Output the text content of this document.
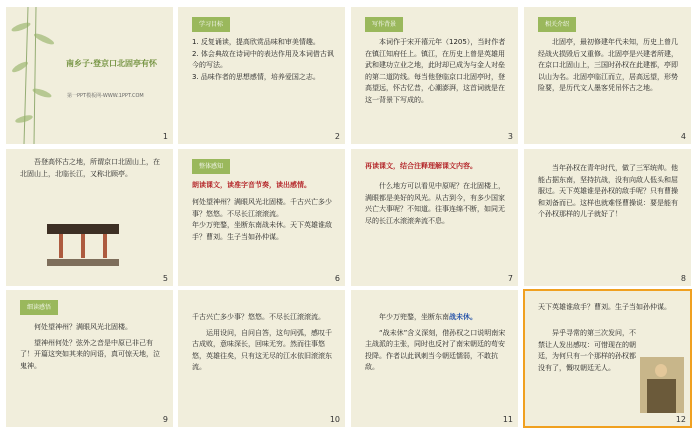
南乡子·登京口北固亭有怀
第一PPT模板网-WWW.1PPT.COM
1
学习目标
1. 反复诵读，提高欣赏品味和审美情趣。
2. 体会典故在诗词中的表达作用及本词借古讽今的写法。
3. 品味作者的思想感情，培养爱国之志。
2
写作背景
本词作于宋开禧元年（1205），当时作者在镇江知府任上。镇江，在历史上曾是英雄用武和建功立业之地，此时却已成为与金人对垒的第二道防线。每当他登临京口北固亭时，登高望远，怀古忆昔，心潮澎湃，这首词就是在这一背景下写成的。
3
相关介绍
北固亭，最初修建年代未知，历史上曾几经战火损毁后又重修。北固亭是兴建者所建，在京口北固山上，三国时孙权在此建都，亭即以山为名。北固亭临江而立，居高远望，形势险要，是历代文人墨客凭吊怀古之地。
4
吾登高怀古之地，所谓京口北固山上，在北固山上，北临长江，又称北顾亭。
5
整体感知
朗读课文，读准字音节奏，读出感情。
何处望神州？满眼风光北固楼。千古兴亡多少事？悠悠。不尽长江滚滚流。
年少万兜鍪，坐断东南战未休。天下英雄谁敌手？曹刘。生子当如孙仲谋。
6
再读课文，结合注释理解课文内容。
什么地方可以看见中原呢？在北固楼上，满眼都是美好的风光。从古到今，有多少国家兴亡大事呢？不知道。往事连绵不断，如同无尽的长江水滚滚奔流不息。
7
当年孙权在青年时代，做了三军统帅。他能占据东南，坚持抗战，没有向敌人低头和屈服过。天下英雄谁是孙权的敌手呢？只有曹操和刘备而已。这样也就难怪曹操说：要是能有个孙权那样的儿子就好了！
8
细读感悟
何处望神州？满眼风光北固楼。
望神州何处？弦外之音是中原已非己有了！开篇这突如其来的问语，真可惊天地，泣鬼神。
9
千古兴亡多少事？悠悠。不尽长江滚滚流。
运用设问，自问自答，这句问弧，感叹千古成败，意味深长，回味无穷。然而往事悠悠，英雄往矣，只有这无尽的江水依旧滚滚东流。
10
年少万兜鍪，坐断东南战未休。
“战未休”含义深刻，借孙权之口说明南宋主战派的主张，同时也反衬了南宋朝廷的苟安投降。作者以此讽刺当今朝廷懦弱，不敢抗敌。
11
天下英雄谁敌手？曹刘。生子当如孙仲谋。
异乎寻常的第三次发问，不禁让人发出感叹：可惜现在的朝廷，为何只有一个那样的孙权都没有了，慨叹朝廷无人。
12
